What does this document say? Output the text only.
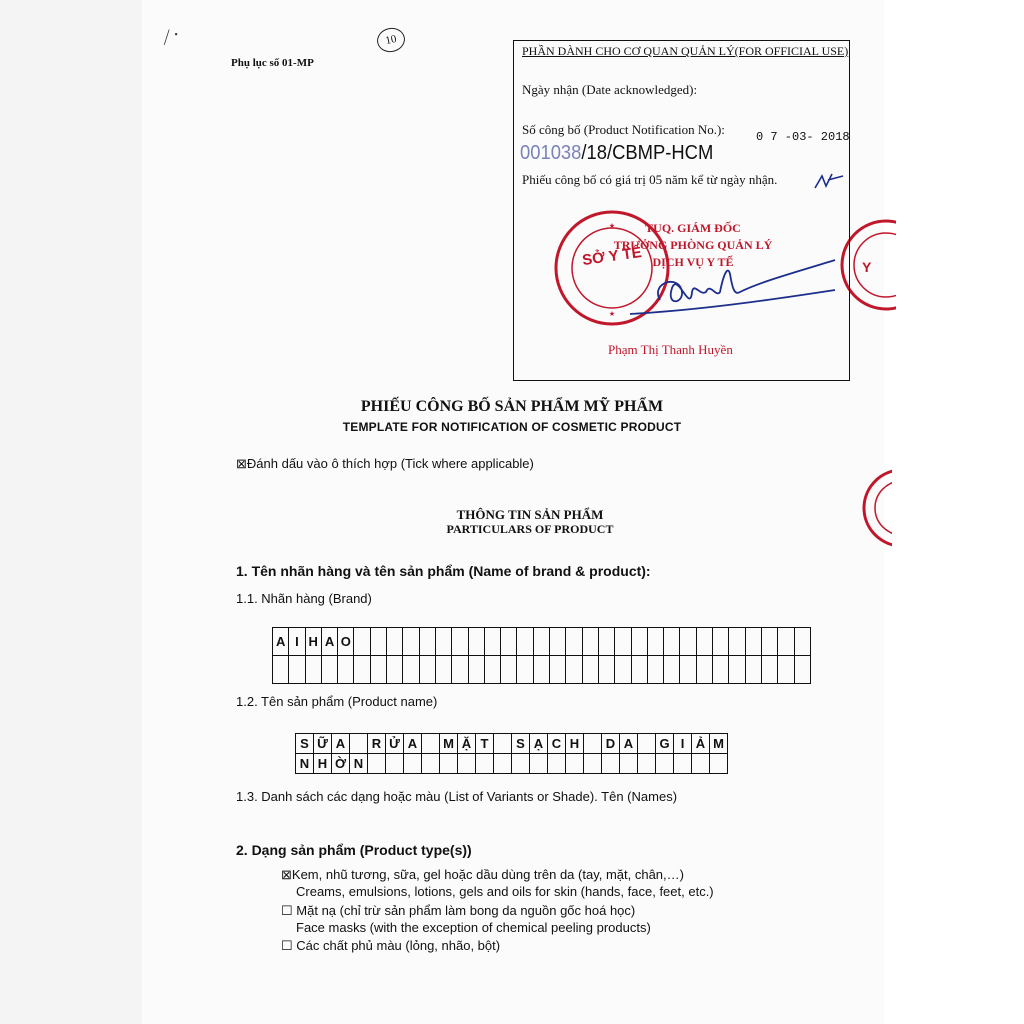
Y
⁄ ·	10
Phụ lục số 01-MP
PHẦN DÀNH CHO CƠ QUAN QUẢN LÝ(FOR OFFICIAL USE)
Ngày nhận (Date acknowledged):
Số công bố (Product Notification No.):	0 7 -03- 2018
001038/18/CBMP-HCM
Phiếu công bố có giá trị 05 năm kể từ ngày nhận.
★
★
SỞ Y TẾ
TUQ. GIÁM ĐỐC
TRƯỞNG PHÒNG QUẢN LÝ DỊCH VỤ Y TẾ
Phạm Thị Thanh Huyền
PHIẾU CÔNG BỐ SẢN PHẨM MỸ PHẨM
TEMPLATE FOR NOTIFICATION OF COSMETIC PRODUCT
⊠Đánh dấu vào ô thích hợp (Tick where applicable)
THÔNG TIN SẢN PHẨM
PARTICULARS OF PRODUCT
1. Tên nhãn hàng và tên sản phẩm (Name of brand & product):
1.1. Nhãn hàng (Brand)
A	I	H	A	O																												

1.2. Tên sản phẩm (Product name)
S	Ữ	A		R	Ử	A		M	Ặ	T		S	Ạ	C	H		D	A		G	I	Ả	M
N	H	Ờ	N																				
1.3. Danh sách các dạng hoặc màu (List of Variants or Shade). Tên (Names)
2. Dạng sản phẩm (Product type(s))
⊠Kem, nhũ tương, sữa, gel hoặc dầu dùng trên da (tay, mặt, chân,…)
Creams, emulsions, lotions, gels and oils for skin (hands, face, feet, etc.)
☐ Mặt nạ (chỉ trừ sản phẩm làm bong da nguồn gốc hoá học)
Face masks (with the exception of chemical peeling products)
☐ Các chất phủ màu (lỏng, nhão, bột)
